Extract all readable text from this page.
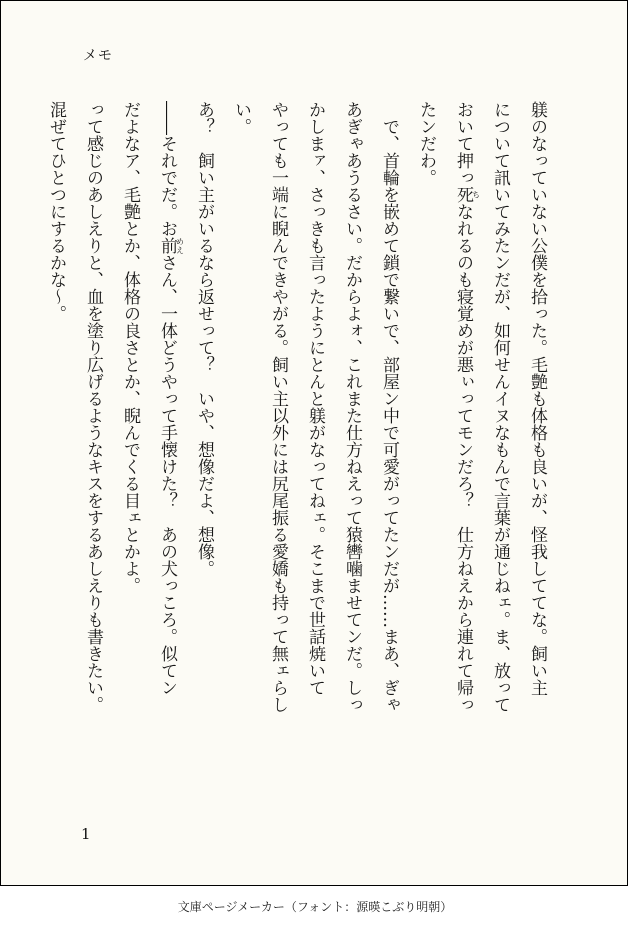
メモ

躾のなっていない公僕を拾った。毛艶も体格も良いが、怪我しててな。飼い主

について訊いてみたンだが、如何せんイヌなもんで言葉が通じねェ。ま、放って

おいて押っ死ちなれるのも寝覚めが悪ぃってモンだろ？　仕方ねえから連れて帰っ

たンだわ。

　で、首輪を嵌めて鎖で繋いで、部屋ン中で可愛がってたンだが……まあ、ぎゃ

あぎゃあうるさい。だからよォ、これまた仕方ねえって猿轡噛ませてンだ。しっ

かしまァ、さっきも言ったようにとんと躾がなってねェ。そこまで世話焼いて

やっても一端に睨んできやがる。飼い主以外には尻尾振る愛嬌も持って無ェらし

い。

あ？　飼い主がいるなら返せって？　いや、想像だよ、想像。

――それでだ。お前めえさん、一体どうやって手懐けた？　あの犬っころ。似てン

だよなア、毛艶とか、体格の良さとか、睨んでくる目ェとかよ。

って感じのあしえりと、血を塗り広げるようなキスをするあしえりも書きたい。

混ぜてひとつにするかな～。

1
文庫ページメーカー（フォント：源暎こぶり明朝）
